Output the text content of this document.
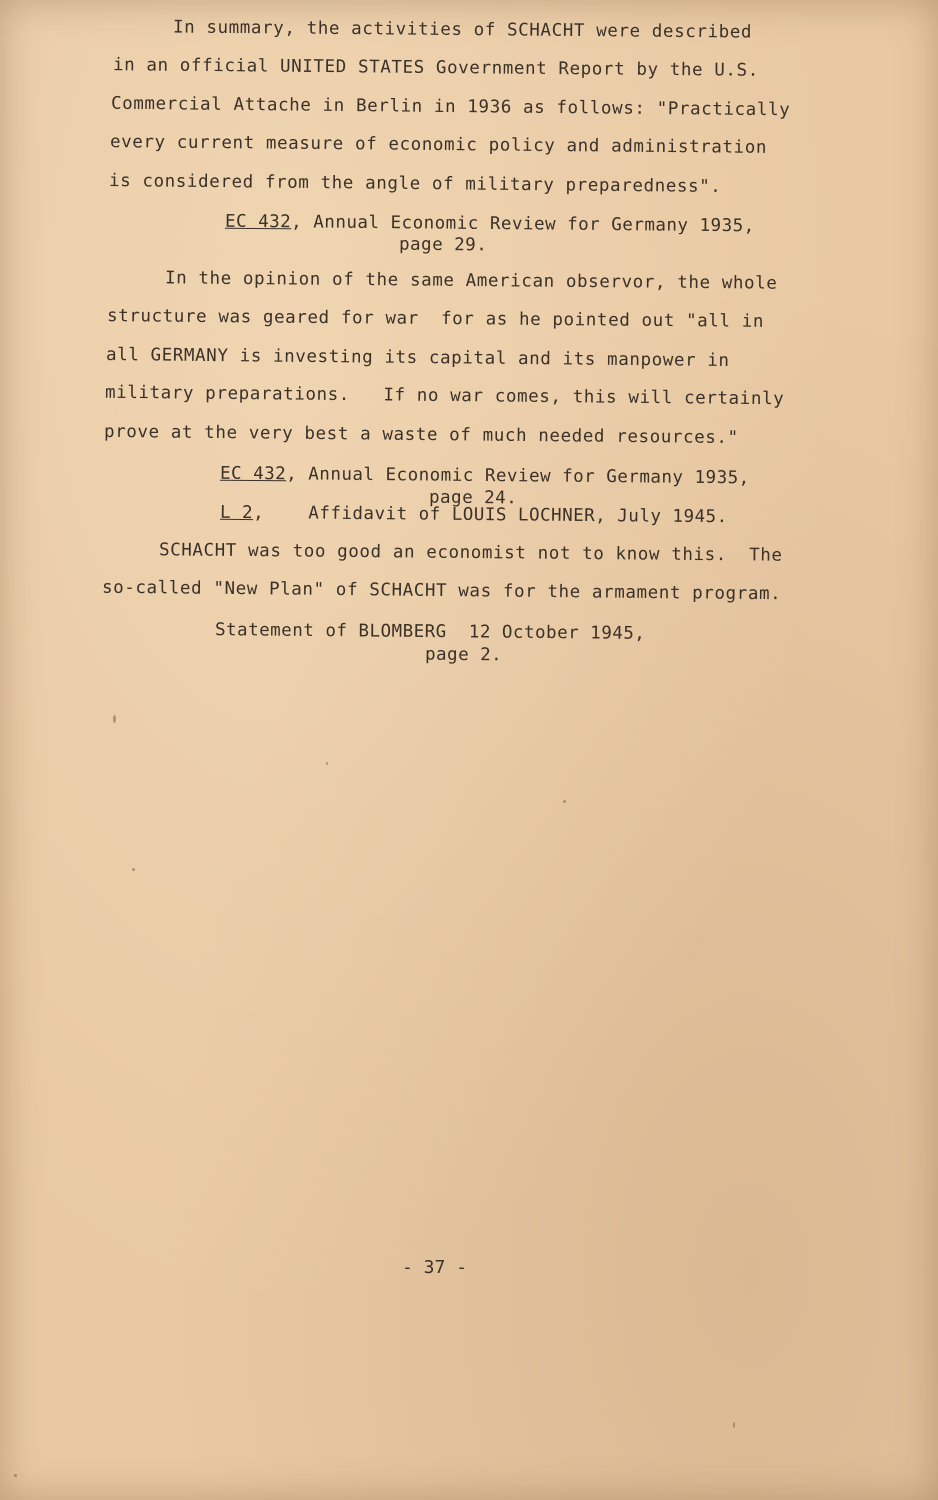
In summary, the activities of SCHACHT were described
in an official UNITED STATES Government Report by the U.S.
Commercial Attache in Berlin in 1936 as follows: "Practically
every current measure of economic policy and administration
is considered from the angle of military preparedness".
EC 432, Annual Economic Review for Germany 1935,
page 29.
In the opinion of the same American observor, the whole
structure was geared for war  for as he pointed out "all in
all GERMANY is investing its capital and its manpower in
military preparations.   If no war comes, this will certainly
prove at the very best a waste of much needed resources."
EC 432, Annual Economic Review for Germany 1935,
page 24.
L 2,    Affidavit of LOUIS LOCHNER, July 1945.
SCHACHT was too good an economist not to know this.  The
so-called "New Plan" of SCHACHT was for the armament program.
Statement of BLOMBERG  12 October 1945,
page 2.
- 37 -
